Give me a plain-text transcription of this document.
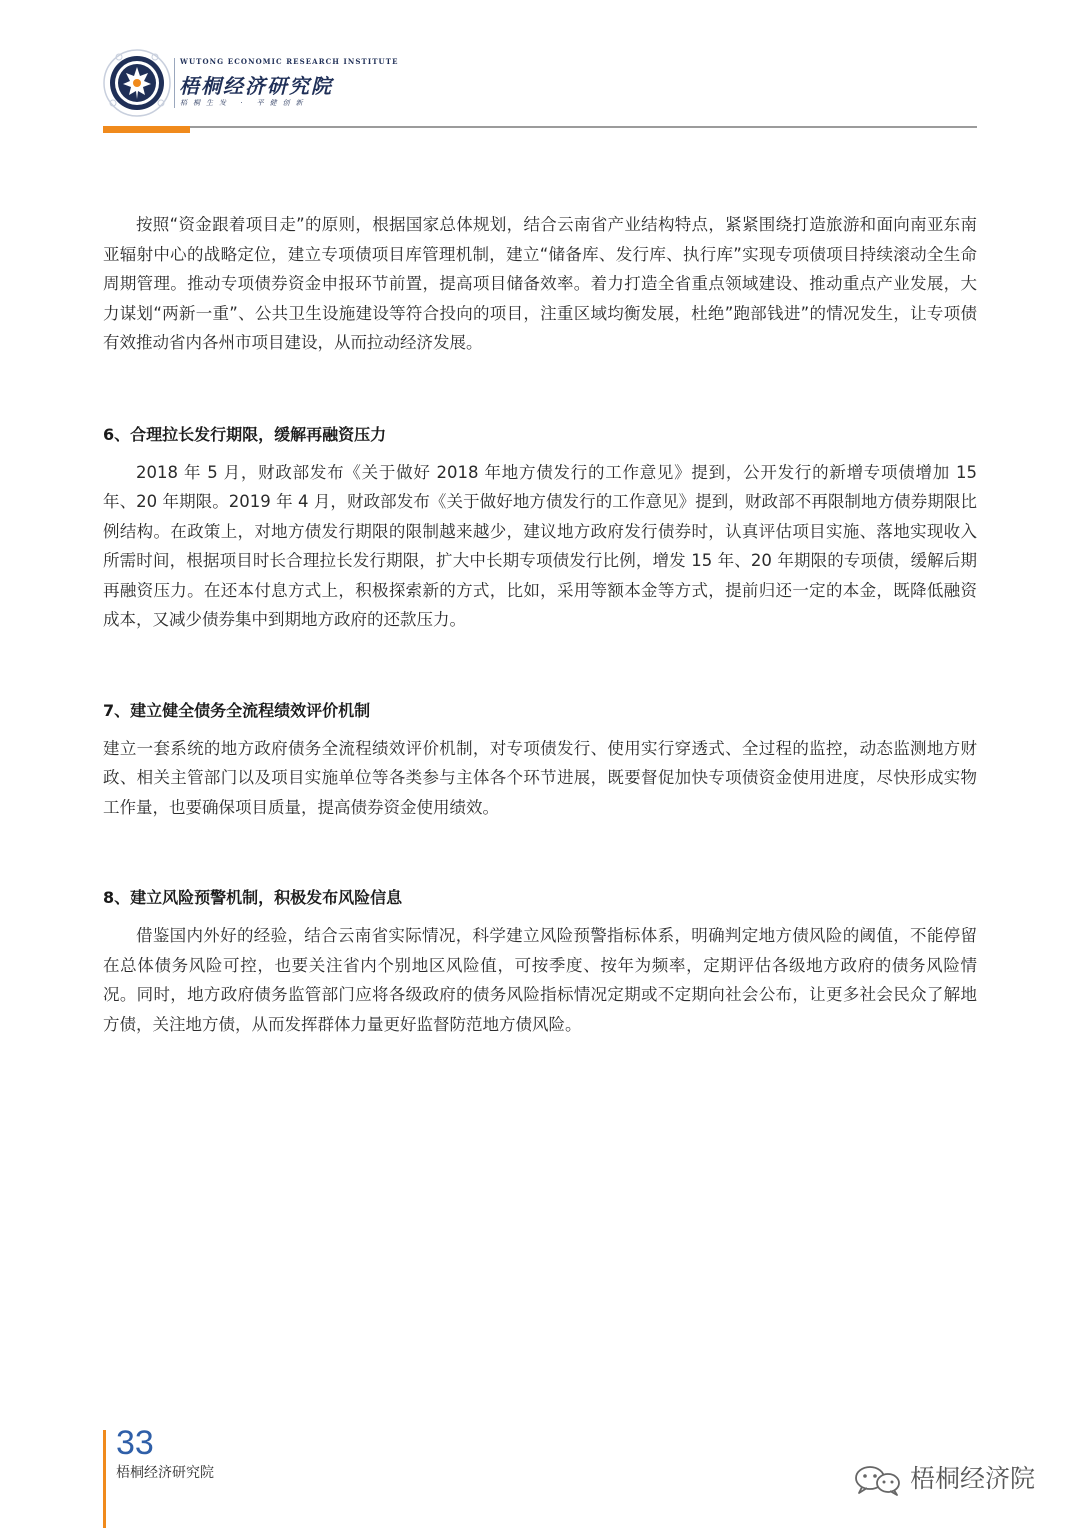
WUTONG ECONOMIC RESEARCH INSTITUTE
梧桐经济研究院
梧桐生发 · 平健创新

按照“资金跟着项目走”的原则，根据国家总体规划，结合云南省产业结构特点，紧紧围绕打造旅游和面向南亚东南亚辐射中心的战略定位，建立专项债项目库管理机制，建立“储备库、发行库、执行库”实现专项债项目持续滚动全生命周期管理。推动专项债券资金申报环节前置，提高项目储备效率。着力打造全省重点领域建设、推动重点产业发展，大力谋划“两新一重”、公共卫生设施建设等符合投向的项目，注重区域均衡发展，杜绝”跑部钱进”的情况发生，让专项债有效推动省内各州市项目建设，从而拉动经济发展。

6、合理拉长发行期限，缓解再融资压力

2018 年 5 月，财政部发布《关于做好 2018 年地方债发行的工作意见》提到，公开发行的新增专项债增加 15 年、20 年期限。2019 年 4 月，财政部发布《关于做好地方债发行的工作意见》提到，财政部不再限制地方债券期限比例结构。在政策上，对地方债发行期限的限制越来越少，建议地方政府发行债券时，认真评估项目实施、落地实现收入所需时间，根据项目时长合理拉长发行期限，扩大中长期专项债发行比例，增发 15 年、20 年期限的专项债，缓解后期再融资压力。在还本付息方式上，积极探索新的方式，比如，采用等额本金等方式，提前归还一定的本金，既降低融资成本，又减少债券集中到期地方政府的还款压力。

7、建立健全债务全流程绩效评价机制

建立一套系统的地方政府债务全流程绩效评价机制，对专项债发行、使用实行穿透式、全过程的监控，动态监测地方财政、相关主管部门以及项目实施单位等各类参与主体各个环节进展，既要督促加快专项债资金使用进度，尽快形成实物工作量，也要确保项目质量，提高债券资金使用绩效。

8、建立风险预警机制，积极发布风险信息

借鉴国内外好的经验，结合云南省实际情况，科学建立风险预警指标体系，明确判定地方债风险的阈值，不能停留在总体债务风险可控，也要关注省内个别地区风险值，可按季度、按年为频率，定期评估各级地方政府的债务风险情况。同时，地方政府债务监管部门应将各级政府的债务风险指标情况定期或不定期向社会公布，让更多社会民众了解地方债，关注地方债，从而发挥群体力量更好监督防范地方债风险。

33
梧桐经济研究院	梧桐经济院
